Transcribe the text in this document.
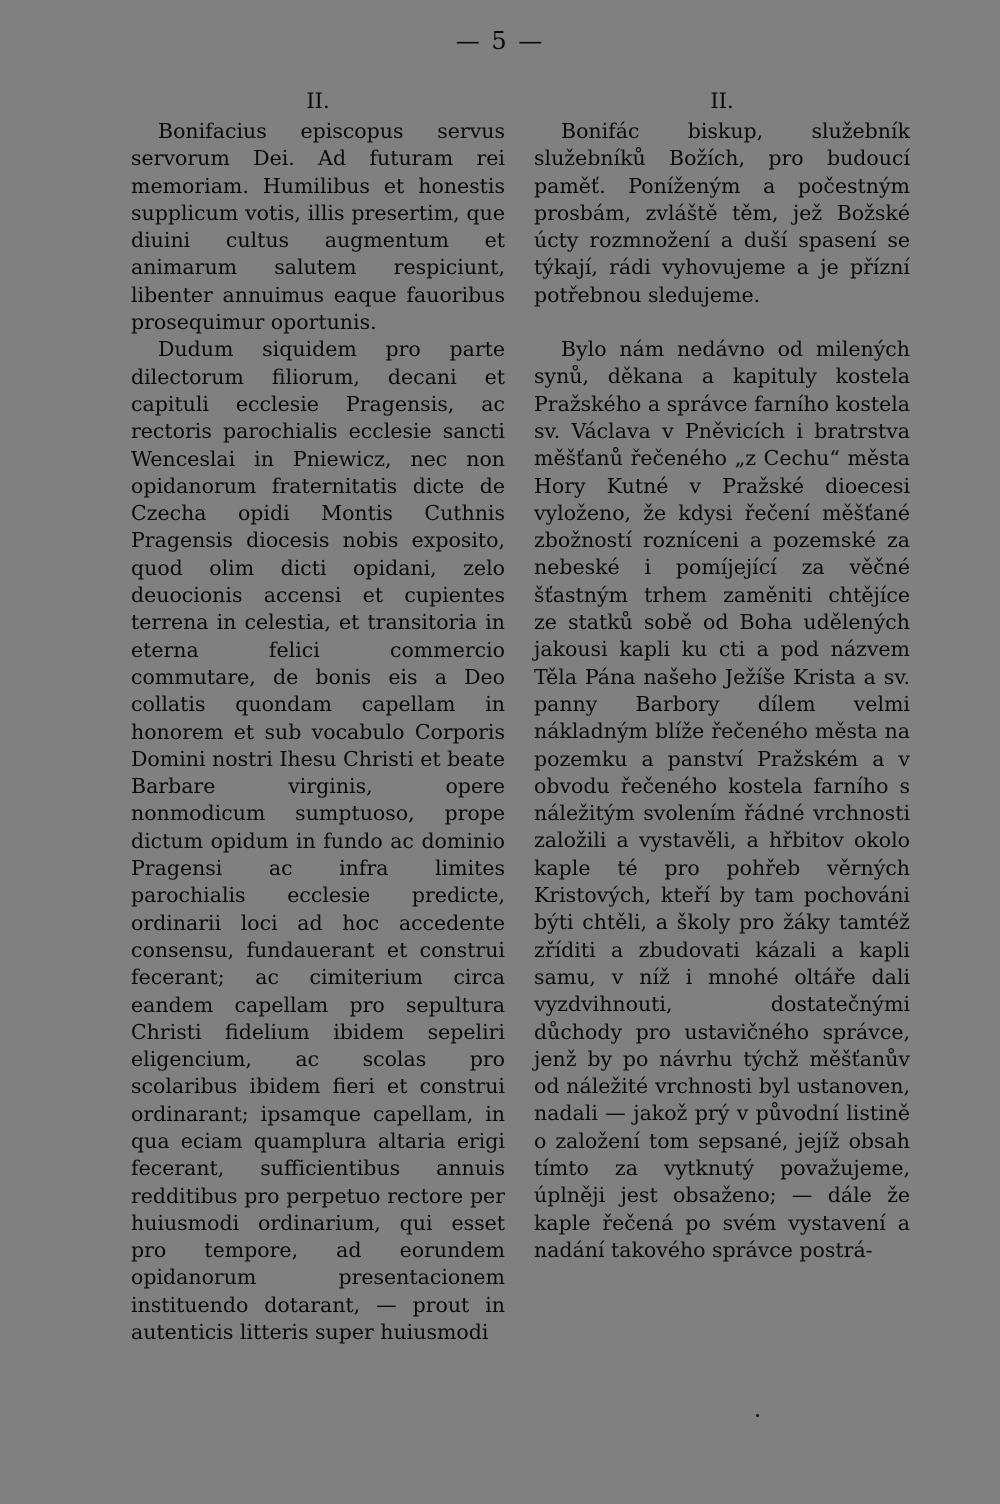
— 5 —
II.

Bonifacius episcopus servus servorum Dei. Ad futuram rei memoriam. Humilibus et honestis supplicum votis, illis presertim, que diuini cultus augmentum et animarum salutem respiciunt, libenter annuimus eaque fauoribus prosequimur oportunis.

Dudum siquidem pro parte dilectorum filiorum, decani et capituli ecclesie Pragensis, ac rectoris parochialis ecclesie sancti Wenceslai in Pniewicz, nec non opidanorum fraternitatis dicte de Czecha opidi Montis Cuthnis Pragensis diocesis nobis exposito, quod olim dicti opidani, zelo deuocionis accensi et cupientes terrena in celestia, et transitoria in eterna felici commercio commutare, de bonis eis a Deo collatis quondam capellam in honorem et sub vocabulo Corporis Domini nostri Ihesu Christi et beate Barbare virginis, opere nonmodicum sumptuoso, prope dictum opidum in fundo ac dominio Pragensi ac infra limites parochialis ecclesie predicte, ordinarii loci ad hoc accedente consensu, fundauerant et construi fecerant; ac cimiterium circa eandem capellam pro sepultura Christi fidelium ibidem sepeliri eligencium, ac scolas pro scolaribus ibidem fieri et construi ordinarant; ipsamque capellam, in qua eciam quamplura altaria erigi fecerant, sufficientibus annuis redditibus pro perpetuo rectore per huiusmodi ordinarium, qui esset pro tempore, ad eorundem opidanorum presentacionem instituendo dotarant, — prout in autenticis litteris super huiusmodi

II.

Bonifác biskup, služebník služebníků Božích, pro budoucí paměť. Poníženým a počestným prosbám, zvláště těm, jež Božské úcty rozmnožení a duší spasení se týkají, rádi vyhovujeme a je přízní potřebnou sledujeme.

Bylo nám nedávno od milených synů, děkana a kapituly kostela Pražského a správce farního kostela sv. Václava v Pněvicích i bratrstva měšťanů řečeného „z Cechu“ města Hory Kutné v Pražské dioecesi vyloženo, že kdysi řečení měšťané zbožností rozníceni a pozemské za nebeské i pomíjející za věčné šťastným trhem zaměniti chtějíce ze statků sobě od Boha udělených jakousi kapli ku cti a pod názvem Těla Pána našeho Ježíše Krista a sv. panny Barbory dílem velmi nákladným blíže řečeného města na pozemku a panství Pražském a v obvodu řečeného kostela farního s náležitým svolením řádné vrchnosti založili a vystavěli, a hřbitov okolo kaple té pro pohřeb věrných Kristových, kteří by tam pochováni býti chtěli, a školy pro žáky tamtéž zříditi a zbudovati kázali a kapli samu, v níž i mnohé oltáře dali vyzdvihnouti, dostatečnými důchody pro ustavičného správce, jenž by po návrhu týchž měšťanův od náležité vrchnosti byl ustanoven, nadali — jakož prý v původní listině o založení tom sepsané, jejíž obsah tímto za vytknutý považujeme, úplněji jest obsaženo; — dále že kaple řečená po svém vystavení a nadání takového správce postrá-
